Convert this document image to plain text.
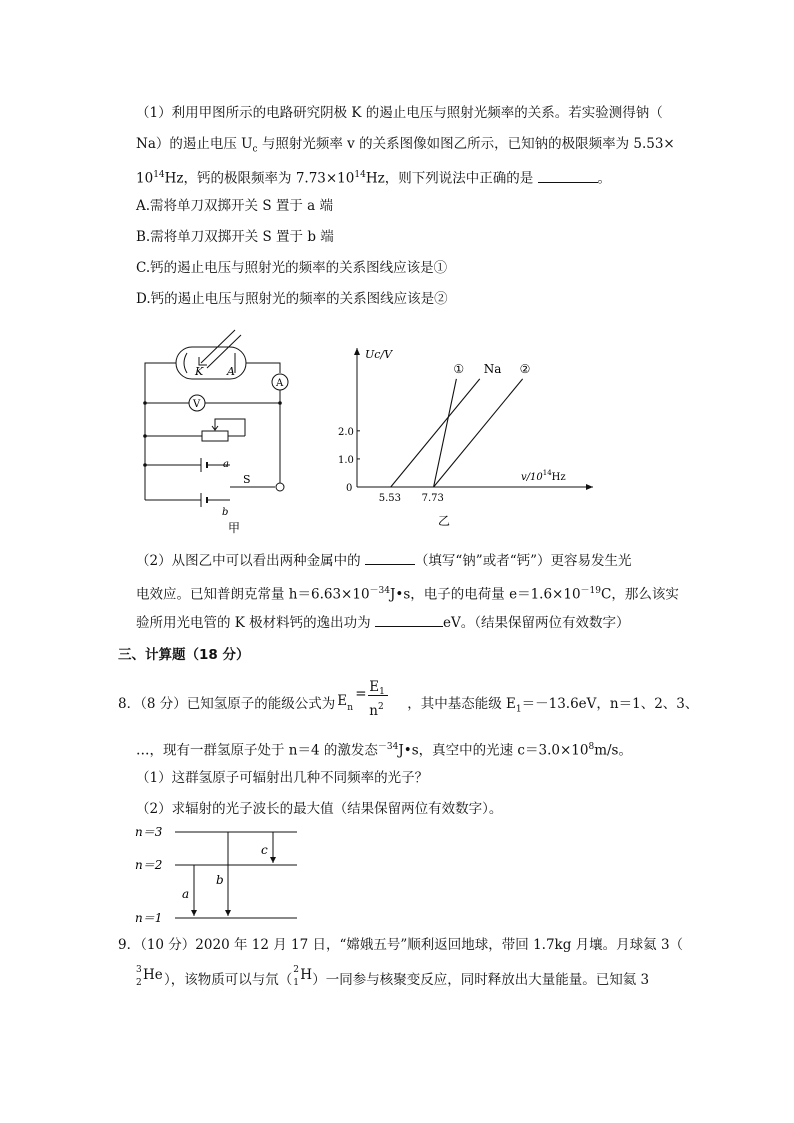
（1）利用甲图所示的电路研究阴极 K 的遏止电压与照射光频率的关系。若实验测得钠（
Na）的遏止电压 $U_c$ 与照射光频率 v 的关系图像如图乙所示，已知钠的极限频率为 5.53×
$10^{14}Hz$，钙的极限频率为 $7.73\times 10^{14}Hz$，则下列说法中正确的是	。
A.需将单刀双掷开关 S 置于 a 端
B.需将单刀双掷开关 S 置于 b 端
C.钙的遏止电压与照射光的频率的关系图线应该是①
D.钙的遏止电压与照射光的频率的关系图线应该是②
K A
A
V
a
S
b
甲
Uc/V
$v/10^{14}Hz$
0
1.0
2.0
5.53 7.73
① Na ②
乙
（2）从图乙中可以看出两种金属中的	（填写“钠”或者“钙”）更容易发生光
电效应。已知普朗克常量 $h=6.63\times 10^{-34}J•s$，电子的电荷量 $e=1.6\times 10^{-19}C$，那么该实
验所用光电管的 K 极材料钙的逸出功为	eV。（结果保留两位有效数字）
三、计算题（18 分）
8．（8 分）已知氢原子的能级公式为 E n
= $E_1$
$n^2$ ，其中基态能级 $E_1=-13.6eV$，n＝1、2、3、
…，现有一群氢原子处于 n＝4 的激发态$^{-34}$J•s，真空中的光速 $c=3.0\times 10^8m/s$。
（1）这群氢原子可辐射出几种不同频率的光子？
（2）求辐射的光子波长的最大值（结果保留两位有效数字）。
n＝3
n＝2
n＝1
a
b
c
9．（10 分）2020 年 12 月 17 日，“嫦娥五号”顺利返回地球，带回 1.7kg 月壤。月球氦 3（
3
2 He ），该物质可以与氘（
2
1 H ）一同参与核聚变反应，同时释放出大量能量。已知氦 3
